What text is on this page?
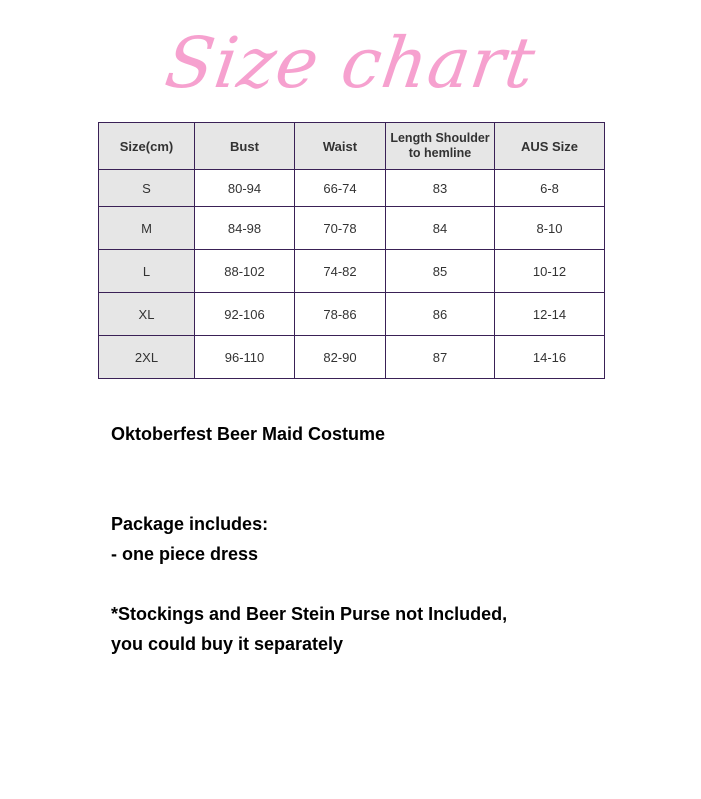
Size chart
Size(cm)	Bust	Waist	Length Shoulder to hemline	AUS Size
S	80-94	66-74	83	6-8
M	84-98	70-78	84	8-10
L	88-102	74-82	85	10-12
XL	92-106	78-86	86	12-14
2XL	96-110	82-90	87	14-16
Oktoberfest Beer Maid Costume
Package includes:
- one piece dress
*Stockings and Beer Stein Purse not Included,
you could buy it separately
